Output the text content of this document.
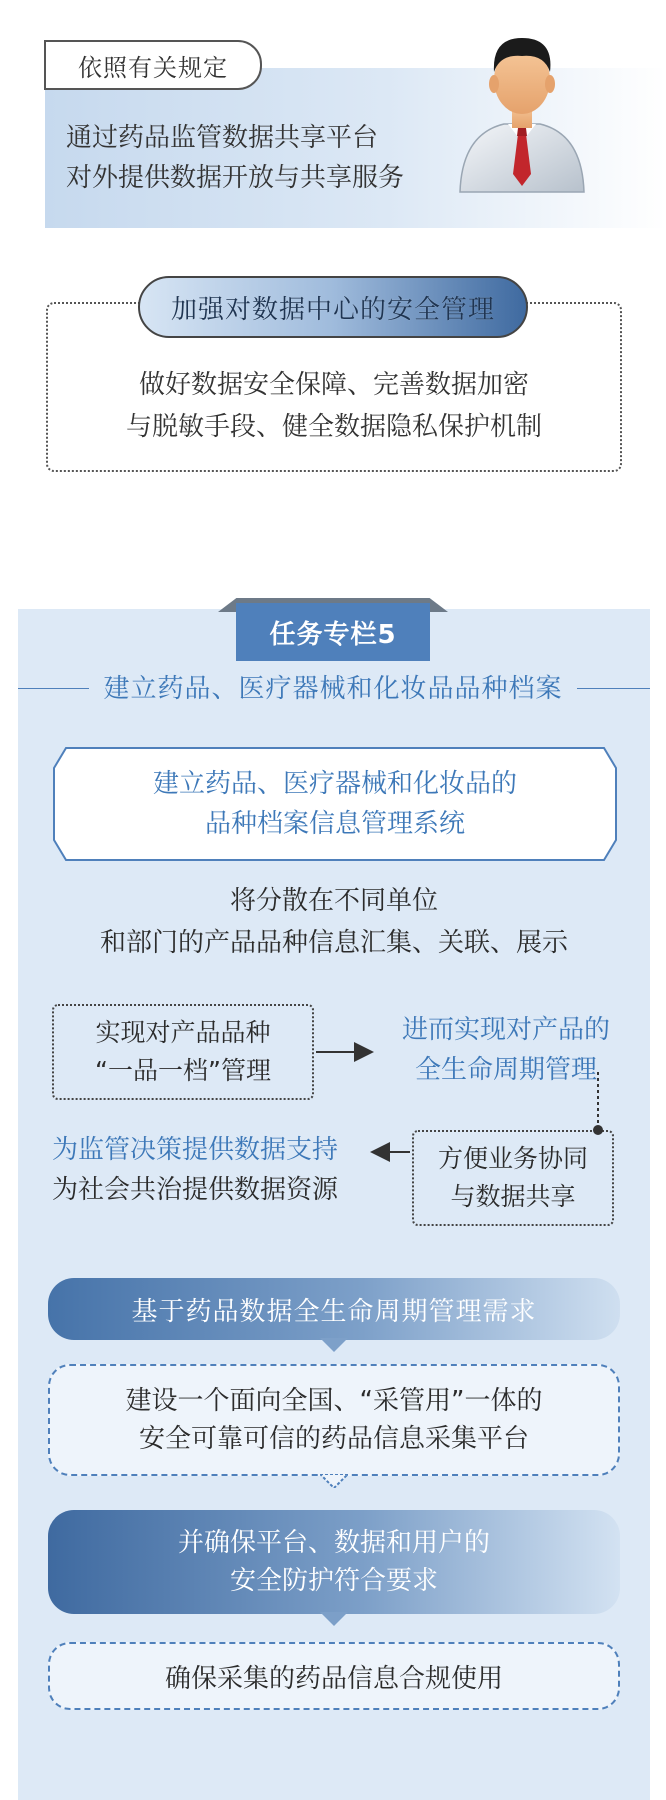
依照有关规定
通过药品监管数据共享平台
对外提供数据开放与共享服务
加强对数据中心的安全管理
做好数据安全保障、完善数据加密
与脱敏手段、健全数据隐私保护机制
任务专栏5
建立药品、医疗器械和化妆品品种档案
建立药品、医疗器械和化妆品的
品种档案信息管理系统
将分散在不同单位
和部门的产品品种信息汇集、关联、展示
实现对产品品种
“一品一档”管理
进而实现对产品的
全生命周期管理
方便业务协同
与数据共享
为监管决策提供数据支持
为社会共治提供数据资源
基于药品数据全生命周期管理需求
建设一个面向全国、“采管用”一体的
安全可靠可信的药品信息采集平台
并确保平台、数据和用户的
安全防护符合要求
确保采集的药品信息合规使用
